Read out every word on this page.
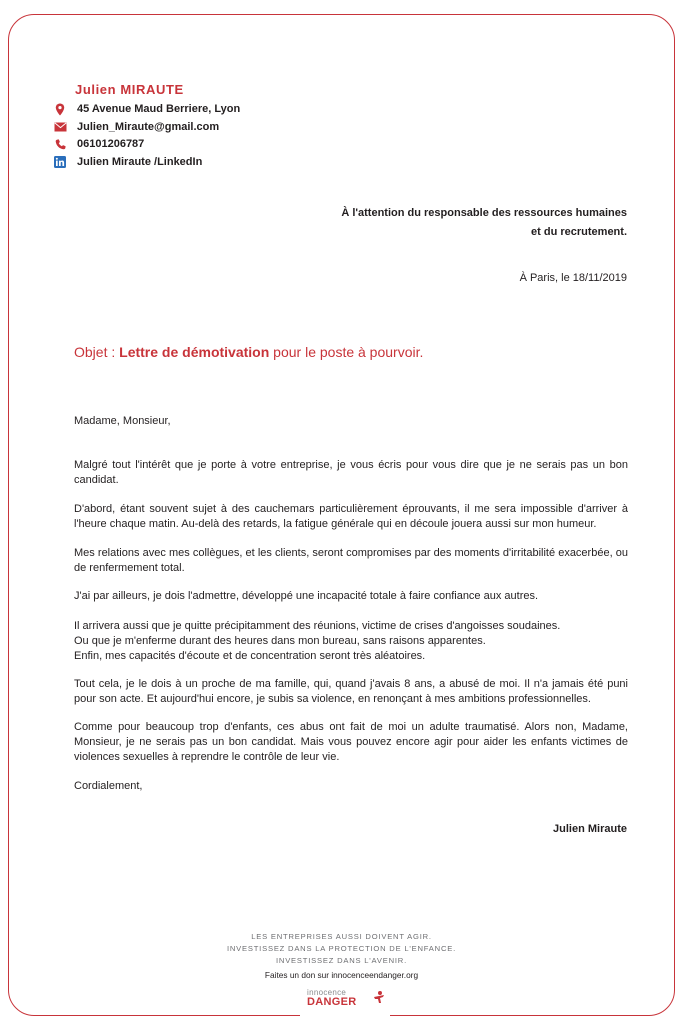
Julien MIRAUTE
45 Avenue Maud Berriere, Lyon
Julien_Miraute@gmail.com
06101206787
Julien Miraute /LinkedIn
À l'attention du responsable des ressources humaines
et du recrutement.
À Paris, le 18/11/2019
Objet : Lettre de démotivation pour le poste à pourvoir.
Madame, Monsieur,
Malgré tout l'intérêt que je porte à votre entreprise, je vous écris pour vous dire que je ne serais pas un bon candidat.
D'abord, étant souvent sujet à des cauchemars particulièrement éprouvants, il me sera impossible d'arriver à l'heure chaque matin. Au-delà des retards, la fatigue générale qui en découle jouera aussi sur mon humeur.
Mes relations avec mes collègues, et les clients, seront compromises par des moments d'irritabilité exacerbée, ou de renfermement total.
J'ai par ailleurs, je dois l'admettre, développé une incapacité totale à faire confiance aux autres.
Il arrivera aussi que je quitte précipitamment des réunions, victime de crises d'angoisses soudaines.
Ou que je m'enferme durant des heures dans mon bureau, sans raisons apparentes.
Enfin, mes capacités d'écoute et de concentration seront très aléatoires.
Tout cela, je le dois à un proche de ma famille, qui, quand j'avais 8 ans, a abusé de moi. Il n'a jamais été puni pour son acte. Et aujourd'hui encore, je subis sa violence, en renonçant à mes ambitions professionnelles.
Comme pour beaucoup trop d'enfants, ces abus ont fait de moi un adulte traumatisé. Alors non, Madame, Monsieur, je ne serais pas un bon candidat. Mais vous pouvez encore agir pour aider les enfants victimes de violences sexuelles à reprendre le contrôle de leur vie.
Cordialement,
Julien Miraute
LES ENTREPRISES AUSSI DOIVENT AGIR.
INVESTISSEZ DANS LA PROTECTION DE L'ENFANCE.
INVESTISSEZ DANS L'AVENIR.
Faites un don sur innocenceendanger.org
innocence
DANGER
